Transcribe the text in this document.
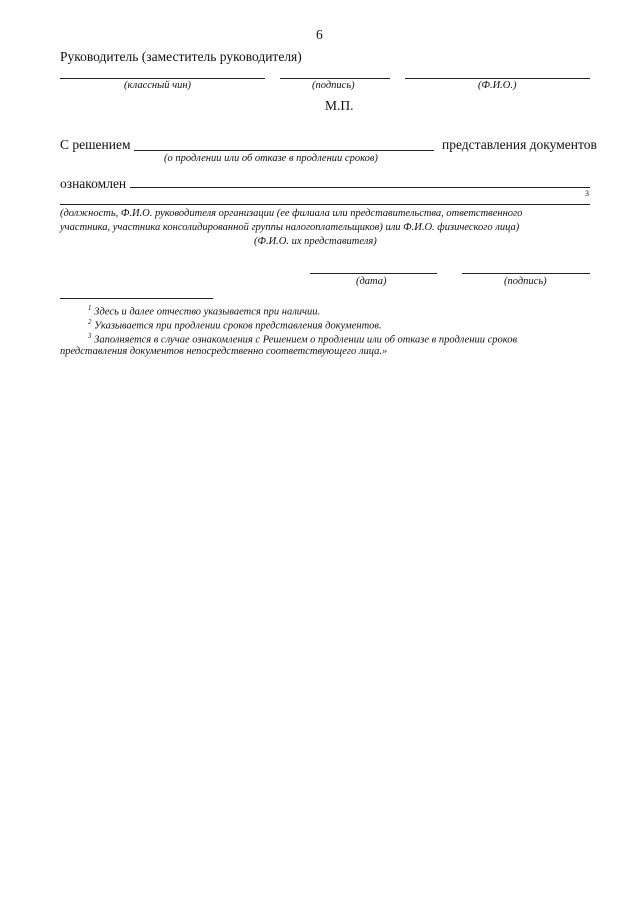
6
Руководитель (заместитель руководителя)
(классный чин)	(подпись)	(Ф.И.О.)
М.П.
С решением	представления документов
(о продлении или об отказе в продлении сроков)
ознакомлен
3
(должность, Ф.И.О. руководителя организации (ее филиала или представительства, ответственного
участника, участника консолидированной группы налогоплательщиков) или Ф.И.О. физического лица)
(Ф.И.О. их представителя)
(дата)	(подпись)
$^1$ Здесь и далее отчество указывается при наличии.
$^2$ Указывается при продлении сроков представления документов.
$^3$ Заполняется в случае ознакомления с Решением о продлении или об отказе в продлении сроков
представления документов непосредственно соответствующего лица.»
